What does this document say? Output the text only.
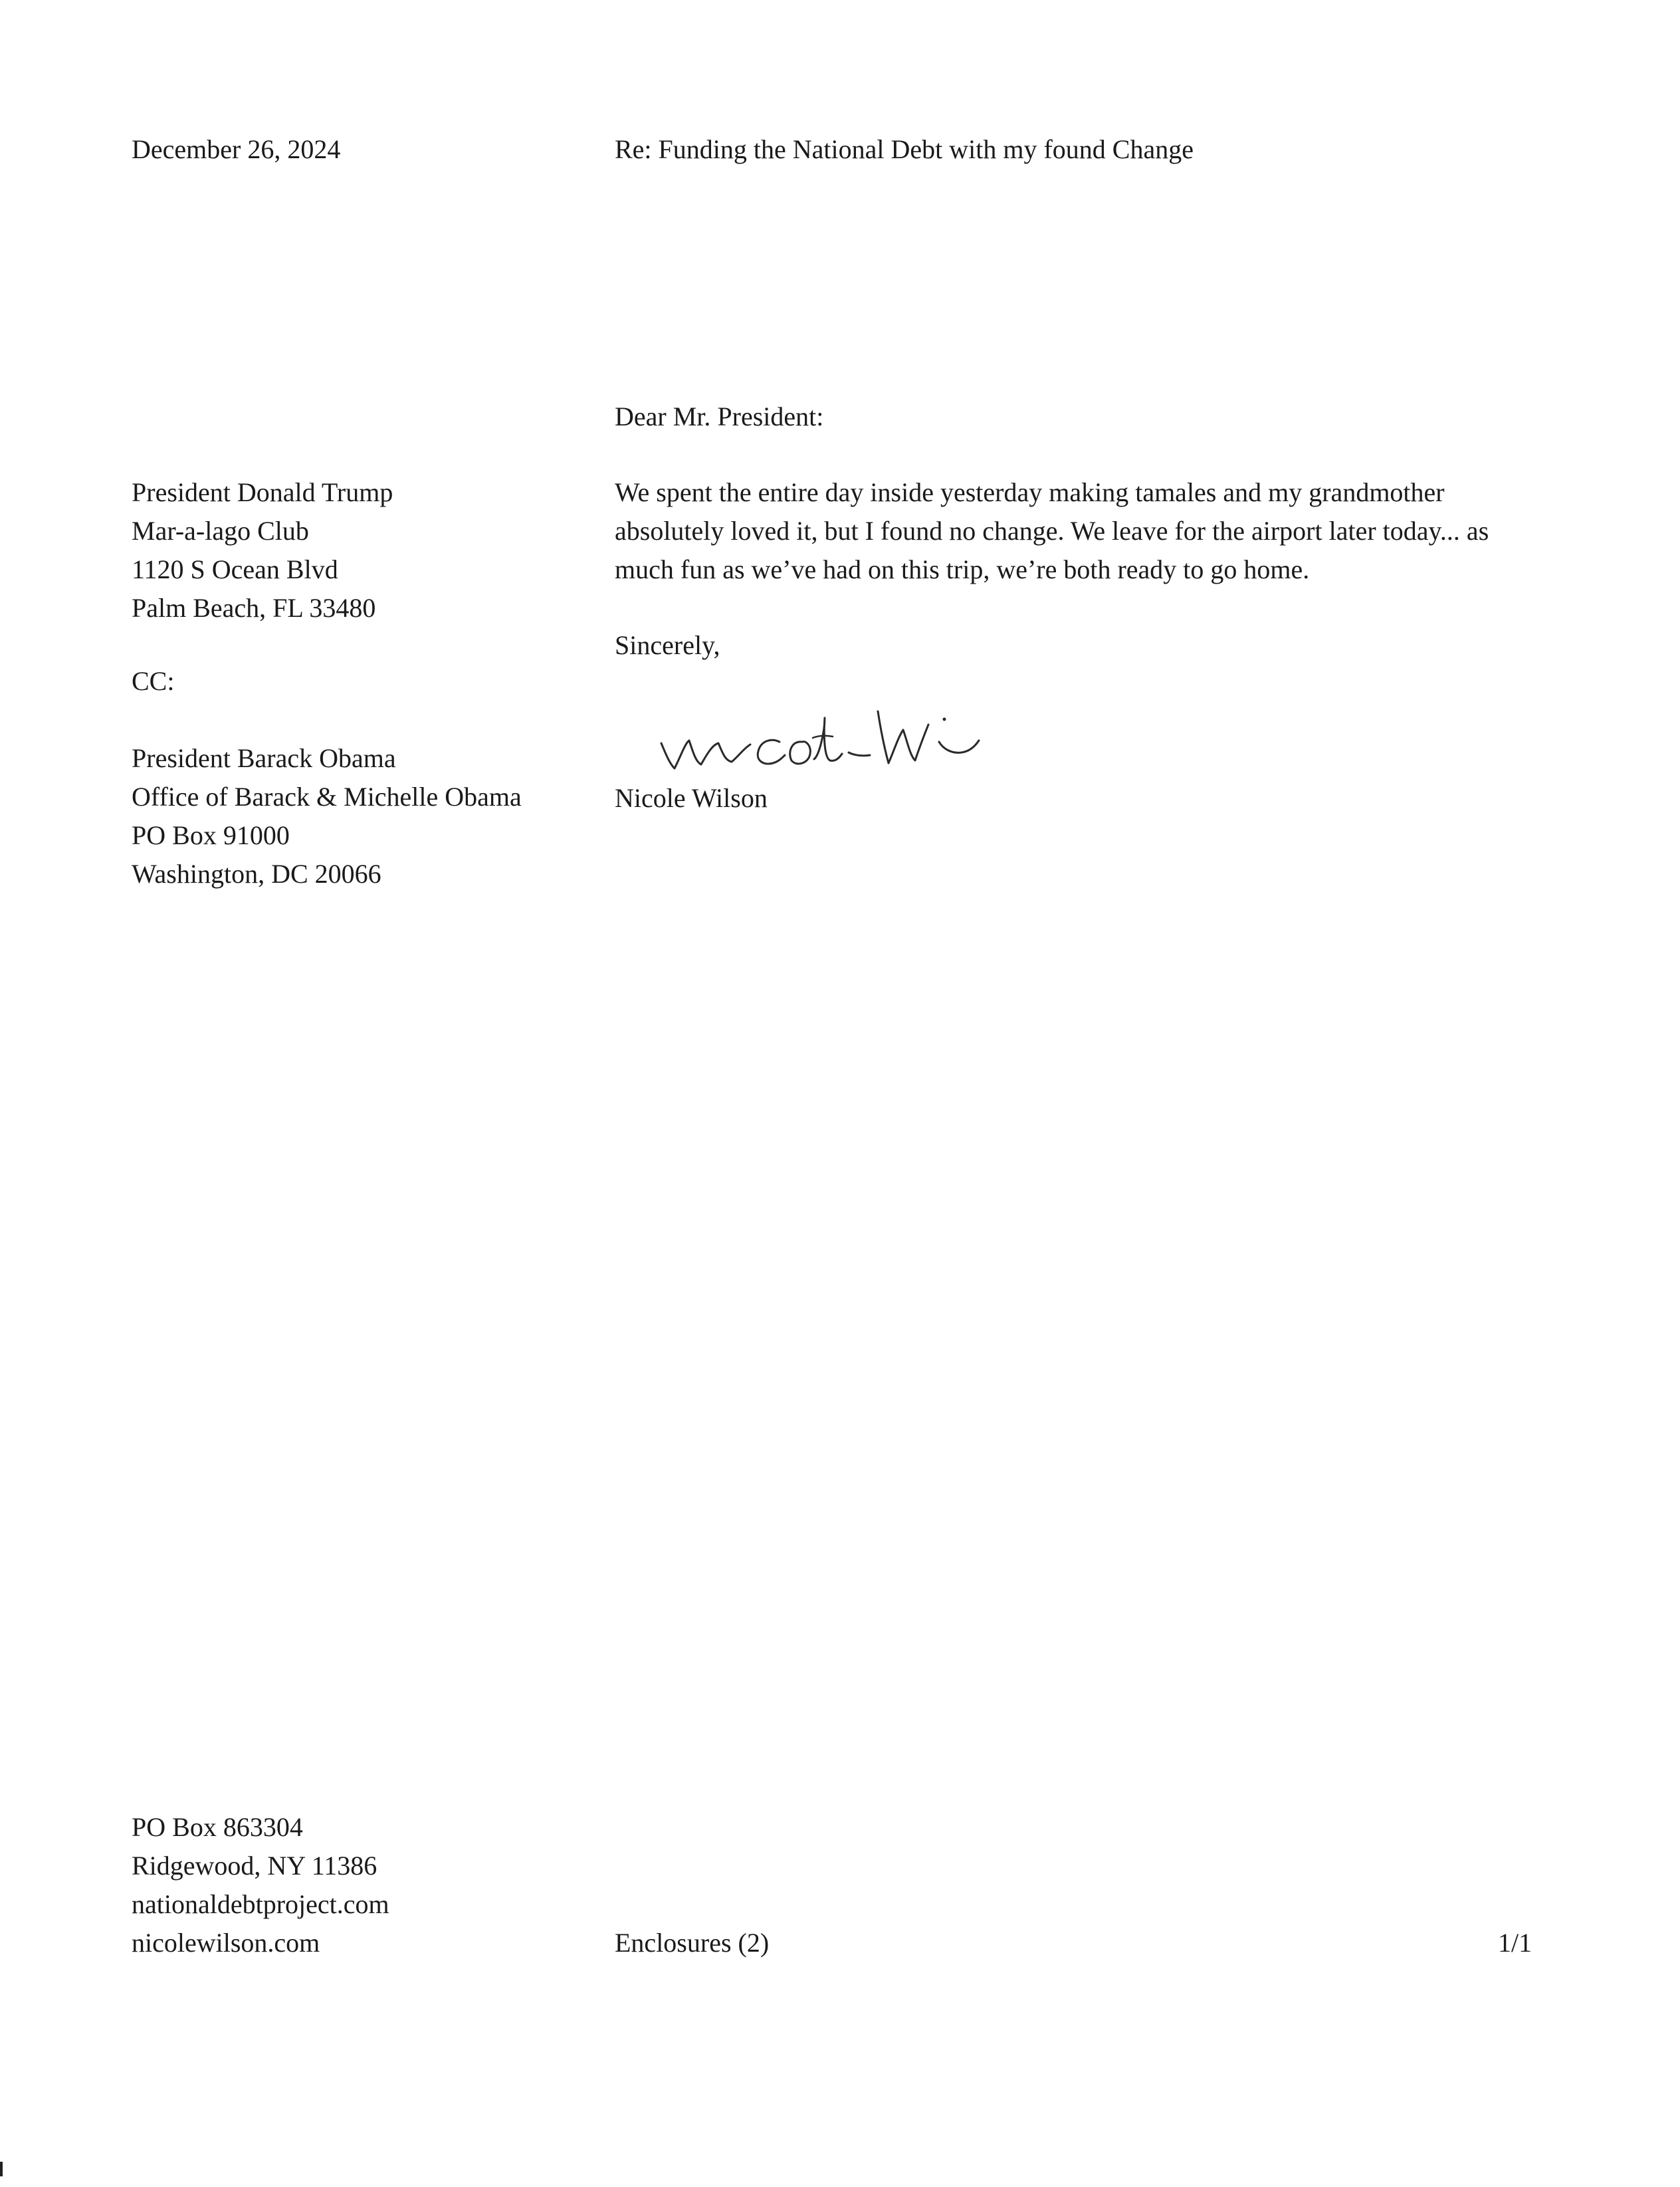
December 26, 2024	Re: Funding the National Debt with my found Change
Dear Mr. President:
President Donald Trump
Mar-a-lago Club
1120 S Ocean Blvd
Palm Beach, FL 33480
CC:
President Barack Obama
Office of Barack & Michelle Obama
PO Box 91000
Washington, DC 20066
We spent the entire day inside yesterday making tamales and my grandmother absolutely loved it, but I found no change. We leave for the airport later today... as much fun as we’ve had on this trip, we’re both ready to go home.
Sincerely,
Nicole Wilson
PO Box 863304
Ridgewood, NY 11386
nationaldebtproject.com
nicolewilson.com	Enclosures (2)	1/1
